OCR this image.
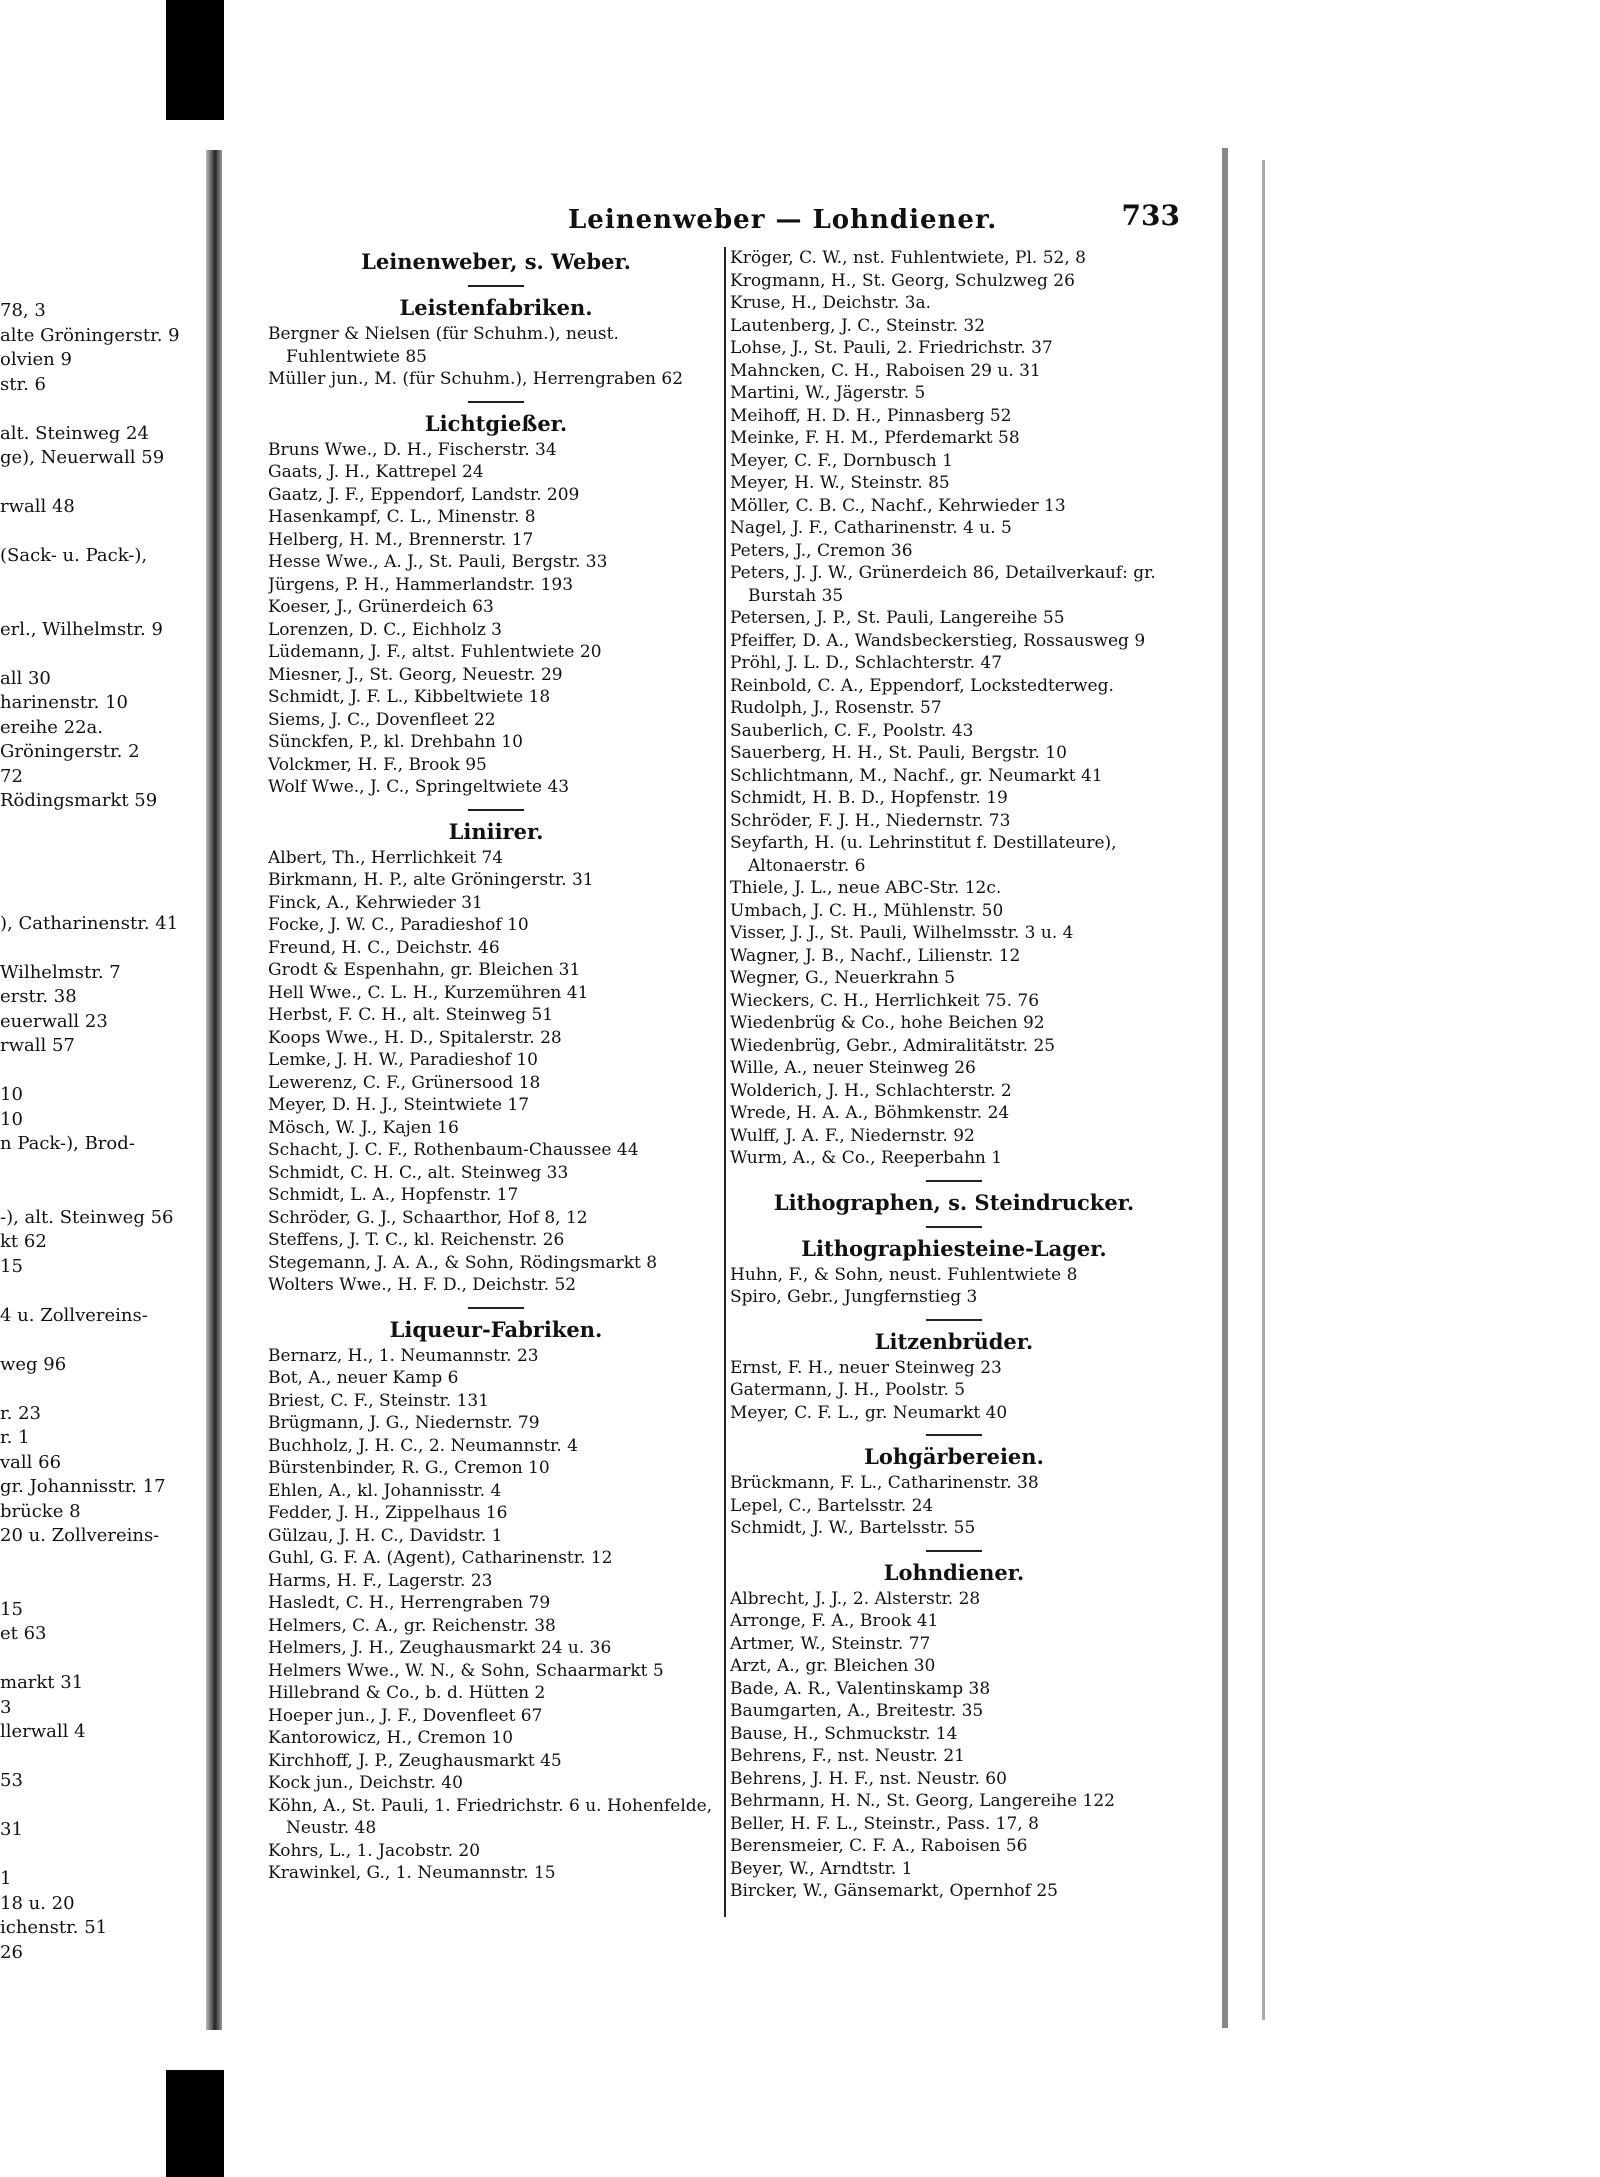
78, 3
alte Gröningerstr. 9
olvien 9
str. 6
alt. Steinweg 24
ge), Neuerwall 59
rwall 48
(Sack- u. Pack-),
erl., Wilhelmstr. 9
all 30
harinenstr. 10
ereihe 22a.
Gröningerstr. 2
72
Rödingsmarkt 59
), Catharinenstr. 41
Wilhelmstr. 7
erstr. 38
euerwall 23
rwall 57
10
10
n Pack-), Brod-
-), alt. Steinweg 56
kt 62
15
4 u. Zollvereins-
weg 96
r. 23
r. 1
vall 66
gr. Johannisstr. 17
brücke 8
20 u. Zollvereins-
15
et 63
markt 31
3
llerwall 4
53
31
1
18 u. 20
ichenstr. 51
26
Leinenweber — Lohndiener.	733
Leinenweber, s. Weber.
Leistenfabriken.
Bergner & Nielsen (für Schuhm.), neust. Fuhlentwiete 85
Müller jun., M. (für Schuhm.), Herrengraben 62
Lichtgießer.
Bruns Wwe., D. H., Fischerstr. 34
Gaats, J. H., Kattrepel 24
Gaatz, J. F., Eppendorf, Landstr. 209
Hasenkampf, C. L., Minenstr. 8
Helberg, H. M., Brennerstr. 17
Hesse Wwe., A. J., St. Pauli, Bergstr. 33
Jürgens, P. H., Hammerlandstr. 193
Koeser, J., Grünerdeich 63
Lorenzen, D. C., Eichholz 3
Lüdemann, J. F., altst. Fuhlentwiete 20
Miesner, J., St. Georg, Neuestr. 29
Schmidt, J. F. L., Kibbeltwiete 18
Siems, J. C., Dovenfleet 22
Sünckfen, P., kl. Drehbahn 10
Volckmer, H. F., Brook 95
Wolf Wwe., J. C., Springeltwiete 43
Liniirer.
Albert, Th., Herrlichkeit 74
Birkmann, H. P., alte Gröningerstr. 31
Finck, A., Kehrwieder 31
Focke, J. W. C., Paradieshof 10
Freund, H. C., Deichstr. 46
Grodt & Espenhahn, gr. Bleichen 31
Hell Wwe., C. L. H., Kurzemühren 41
Herbst, F. C. H., alt. Steinweg 51
Koops Wwe., H. D., Spitalerstr. 28
Lemke, J. H. W., Paradieshof 10
Lewerenz, C. F., Grünersood 18
Meyer, D. H. J., Steintwiete 17
Mösch, W. J., Kajen 16
Schacht, J. C. F., Rothenbaum-Chaussee 44
Schmidt, C. H. C., alt. Steinweg 33
Schmidt, L. A., Hopfenstr. 17
Schröder, G. J., Schaarthor, Hof 8, 12
Steffens, J. T. C., kl. Reichenstr. 26
Stegemann, J. A. A., & Sohn, Rödingsmarkt 8
Wolters Wwe., H. F. D., Deichstr. 52
Liqueur-Fabriken.
Bernarz, H., 1. Neumannstr. 23
Bot, A., neuer Kamp 6
Briest, C. F., Steinstr. 131
Brügmann, J. G., Niedernstr. 79
Buchholz, J. H. C., 2. Neumannstr. 4
Bürstenbinder, R. G., Cremon 10
Ehlen, A., kl. Johannisstr. 4
Fedder, J. H., Zippelhaus 16
Gülzau, J. H. C., Davidstr. 1
Guhl, G. F. A. (Agent), Catharinenstr. 12
Harms, H. F., Lagerstr. 23
Hasledt, C. H., Herrengraben 79
Helmers, C. A., gr. Reichenstr. 38
Helmers, J. H., Zeughausmarkt 24 u. 36
Helmers Wwe., W. N., & Sohn, Schaarmarkt 5
Hillebrand & Co., b. d. Hütten 2
Hoeper jun., J. F., Dovenfleet 67
Kantorowicz, H., Cremon 10
Kirchhoff, J. P., Zeughausmarkt 45
Kock jun., Deichstr. 40
Köhn, A., St. Pauli, 1. Friedrichstr. 6 u. Hohenfelde, Neustr. 48
Kohrs, L., 1. Jacobstr. 20
Krawinkel, G., 1. Neumannstr. 15
Kröger, C. W., nst. Fuhlentwiete, Pl. 52, 8
Krogmann, H., St. Georg, Schulzweg 26
Kruse, H., Deichstr. 3a.
Lautenberg, J. C., Steinstr. 32
Lohse, J., St. Pauli, 2. Friedrichstr. 37
Mahncken, C. H., Raboisen 29 u. 31
Martini, W., Jägerstr. 5
Meihoff, H. D. H., Pinnasberg 52
Meinke, F. H. M., Pferdemarkt 58
Meyer, C. F., Dornbusch 1
Meyer, H. W., Steinstr. 85
Möller, C. B. C., Nachf., Kehrwieder 13
Nagel, J. F., Catharinenstr. 4 u. 5
Peters, J., Cremon 36
Peters, J. J. W., Grünerdeich 86, Detailverkauf: gr. Burstah 35
Petersen, J. P., St. Pauli, Langereihe 55
Pfeiffer, D. A., Wandsbeckerstieg, Rossausweg 9
Pröhl, J. L. D., Schlachterstr. 47
Reinbold, C. A., Eppendorf, Lockstedterweg.
Rudolph, J., Rosenstr. 57
Sauberlich, C. F., Poolstr. 43
Sauerberg, H. H., St. Pauli, Bergstr. 10
Schlichtmann, M., Nachf., gr. Neumarkt 41
Schmidt, H. B. D., Hopfenstr. 19
Schröder, F. J. H., Niedernstr. 73
Seyfarth, H. (u. Lehrinstitut f. Destillateure), Altonaerstr. 6
Thiele, J. L., neue ABC-Str. 12c.
Umbach, J. C. H., Mühlenstr. 50
Visser, J. J., St. Pauli, Wilhelmsstr. 3 u. 4
Wagner, J. B., Nachf., Lilienstr. 12
Wegner, G., Neuerkrahn 5
Wieckers, C. H., Herrlichkeit 75. 76
Wiedenbrüg & Co., hohe Beichen 92
Wiedenbrüg, Gebr., Admiralitätstr. 25
Wille, A., neuer Steinweg 26
Wolderich, J. H., Schlachterstr. 2
Wrede, H. A. A., Böhmkenstr. 24
Wulff, J. A. F., Niedernstr. 92
Wurm, A., & Co., Reeperbahn 1
Lithographen, s. Steindrucker.
Lithographiesteine-Lager.
Huhn, F., & Sohn, neust. Fuhlentwiete 8
Spiro, Gebr., Jungfernstieg 3
Litzenbrüder.
Ernst, F. H., neuer Steinweg 23
Gatermann, J. H., Poolstr. 5
Meyer, C. F. L., gr. Neumarkt 40
Lohgärbereien.
Brückmann, F. L., Catharinenstr. 38
Lepel, C., Bartelsstr. 24
Schmidt, J. W., Bartelsstr. 55
Lohndiener.
Albrecht, J. J., 2. Alsterstr. 28
Arronge, F. A., Brook 41
Artmer, W., Steinstr. 77
Arzt, A., gr. Bleichen 30
Bade, A. R., Valentinskamp 38
Baumgarten, A., Breitestr. 35
Bause, H., Schmuckstr. 14
Behrens, F., nst. Neustr. 21
Behrens, J. H. F., nst. Neustr. 60
Behrmann, H. N., St. Georg, Langereihe 122
Beller, H. F. L., Steinstr., Pass. 17, 8
Berensmeier, C. F. A., Raboisen 56
Beyer, W., Arndtstr. 1
Bircker, W., Gänsemarkt, Opernhof 25
